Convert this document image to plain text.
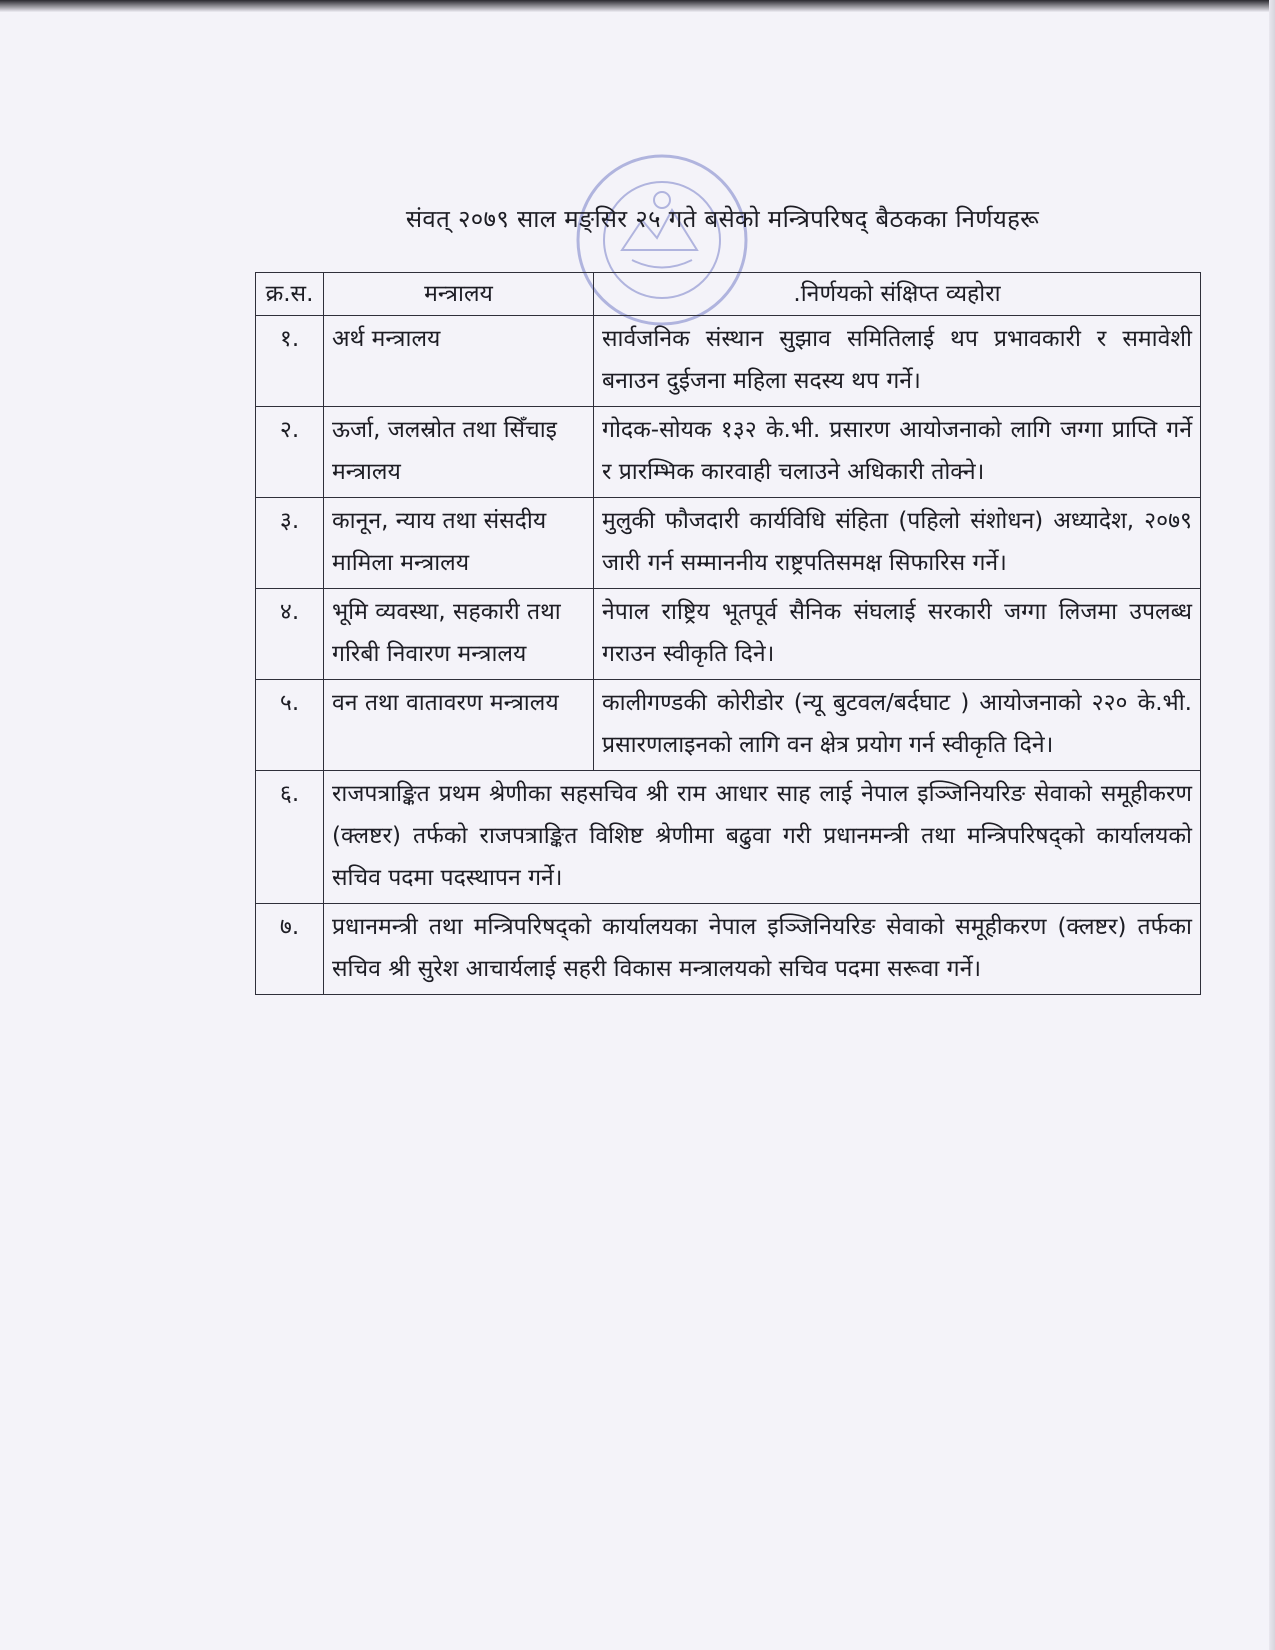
संवत् २०७९ साल मङ्सिर २५ गते बसेको मन्त्रिपरिषद् बैठकका निर्णयहरू
क्र.स.	मन्त्रालय	.निर्णयको संक्षिप्त व्यहोरा
१.	अर्थ मन्त्रालय	सार्वजनिक संस्थान सुझाव समितिलाई थप प्रभावकारी र समावेशी बनाउन दुईजना महिला सदस्य थप गर्ने।
२.	ऊर्जा, जलस्रोत तथा सिँचाइ मन्त्रालय	गोदक-सोयक १३२ के.भी. प्रसारण आयोजनाको लागि जग्गा प्राप्ति गर्ने र प्रारम्भिक कारवाही चलाउने अधिकारी तोक्ने।
३.	कानून, न्याय तथा संसदीय मामिला मन्त्रालय	मुलुकी फौजदारी कार्यविधि संहिता (पहिलो संशोधन) अध्यादेश, २०७९ जारी गर्न सम्माननीय राष्ट्रपतिसमक्ष सिफारिस गर्ने।
४.	भूमि व्यवस्था, सहकारी तथा गरिबी निवारण मन्त्रालय	नेपाल राष्ट्रिय भूतपूर्व सैनिक संघलाई सरकारी जग्गा लिजमा उपलब्ध गराउन स्वीकृति दिने।
५.	वन तथा वातावरण मन्त्रालय	कालीगण्डकी कोरीडोर (न्यू बुटवल/बर्दघाट ) आयोजनाको २२० के.भी. प्रसारणलाइनको लागि वन क्षेत्र प्रयोग गर्न स्वीकृति दिने।
६.	राजपत्राङ्कित प्रथम श्रेणीका सहसचिव श्री राम आधार साह लाई नेपाल इञ्जिनियरिङ सेवाको समूहीकरण (क्लष्टर) तर्फको राजपत्राङ्कित विशिष्ट श्रेणीमा बढुवा गरी प्रधानमन्त्री तथा मन्त्रिपरिषद्को कार्यालयको सचिव पदमा पदस्थापन गर्ने।	
७.	प्रधानमन्त्री तथा मन्त्रिपरिषद्को कार्यालयका नेपाल इञ्जिनियरिङ सेवाको समूहीकरण (क्लष्टर) तर्फका सचिव श्री सुरेश आचार्यलाई सहरी विकास मन्त्रालयको सचिव पदमा सरूवा गर्ने।	
